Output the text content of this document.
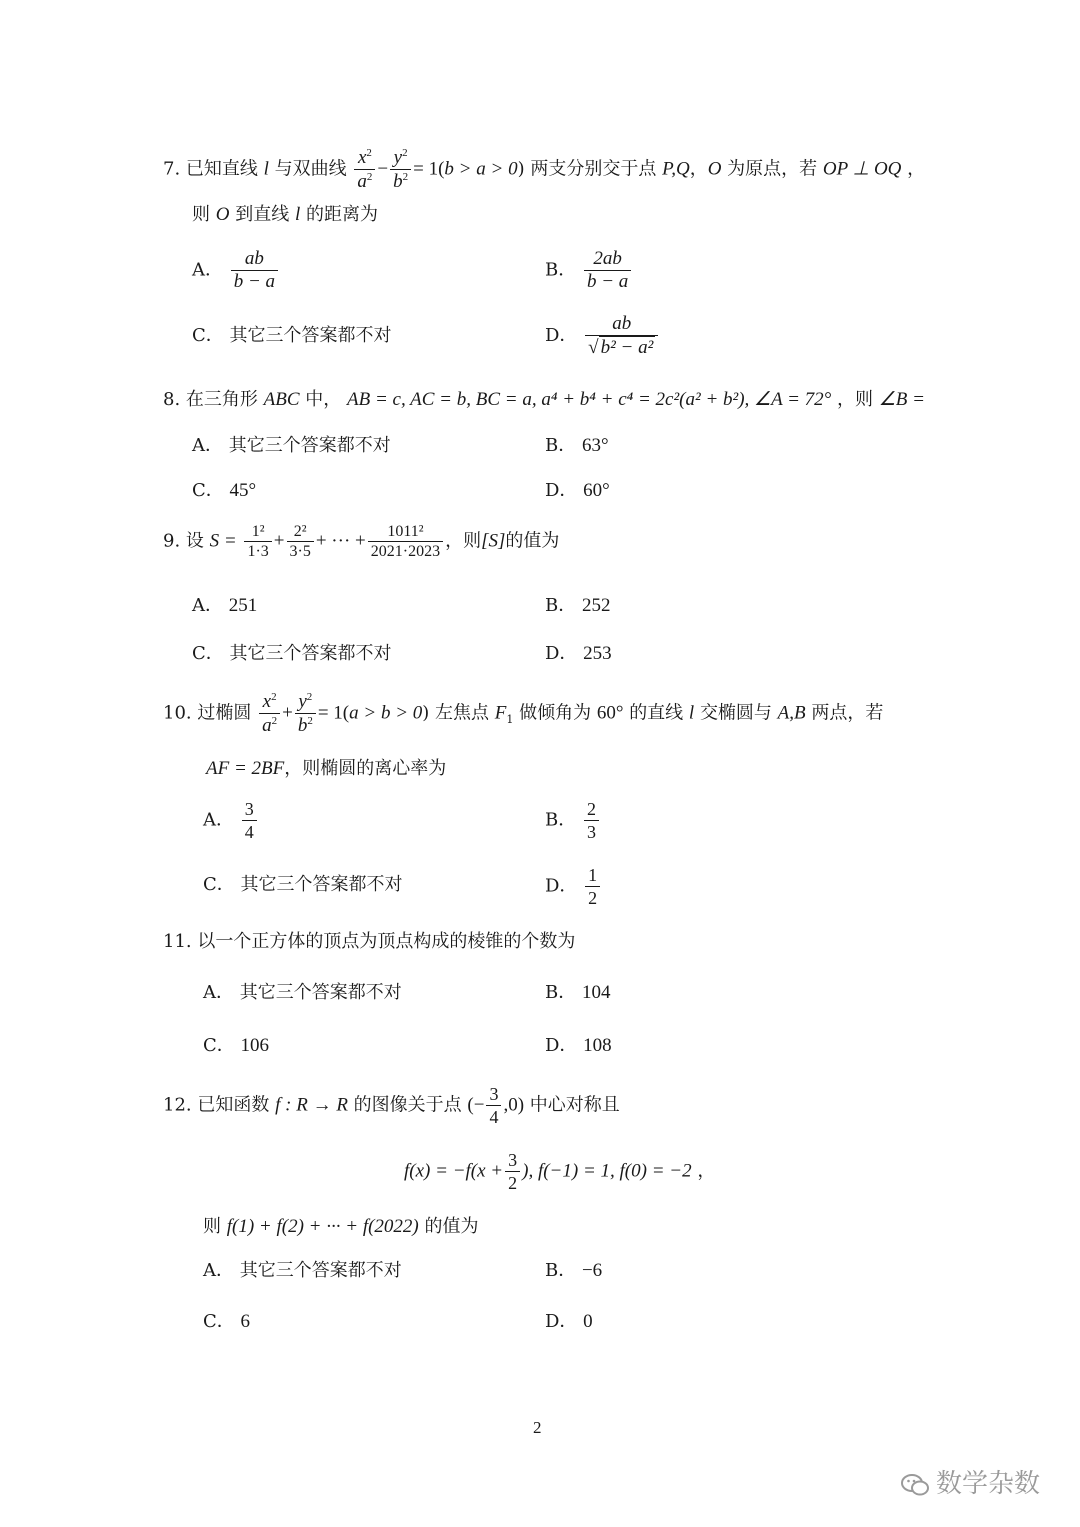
7. 已知直线 l 与双曲线 $\frac{x^2}{a^2} - \frac{y^2}{b^2} = 1(b > a > 0)$ 两支分别交于点 P,Q，O 为原点，若 OP ⊥ OQ ，
则 O 到直线 l 的距离为
A． $\frac{ab}{b - a}$	B． $\frac{2ab}{b - a}$
C． 其它三个答案都不对	D． $\frac{ab}{\text{√ b² − a²}}$
8. 在三角形 ABC 中， AB = c, AC = b, BC = a, a⁴ + b⁴ + c⁴ = 2c²(a² + b²), ∠A = 72° ，则 ∠B =
A． 其它三个答案都不对	B． 63°
C． 45°	D． 60°
9. 设 $S = \frac{\text{1²}}{1\cdot 3} + \frac{\text{2²}}{3\cdot 5}$ + ··· + $\frac{\text{1011²}}{2021\cdot 2023}$ ，则[S]的值为
A． 251	B． 252
C． 其它三个答案都不对	D． 253
10. 过椭圆 $\frac{x^2}{a^2} + \frac{y^2}{b^2} = 1(a > b > 0)$ 左焦点 $F_1$ 做倾角为 60° 的直线 l 交椭圆与 A,B 两点，若
AF = 2BF，则椭圆的离心率为
A． $\frac{3}{4}$	B． $\frac{2}{3}$
C． 其它三个答案都不对	D． $\frac{1}{2}$
11. 以一个正方体的顶点为顶点构成的棱锥的个数为
A． 其它三个答案都不对	B． 104
C． 106	D． 108
12. 已知函数 f : R → R 的图像关于点 (− $\frac{3}{4} ,0$) 中心对称且
$f(x) = -f(x + \frac{3}{2}$ ), f(−1) = 1, f(0) = −2 ，
则 f(1) + f(2) + ··· + f(2022) 的值为
A． 其它三个答案都不对	B． −6
C． 6	D． 0
2
数学杂数
